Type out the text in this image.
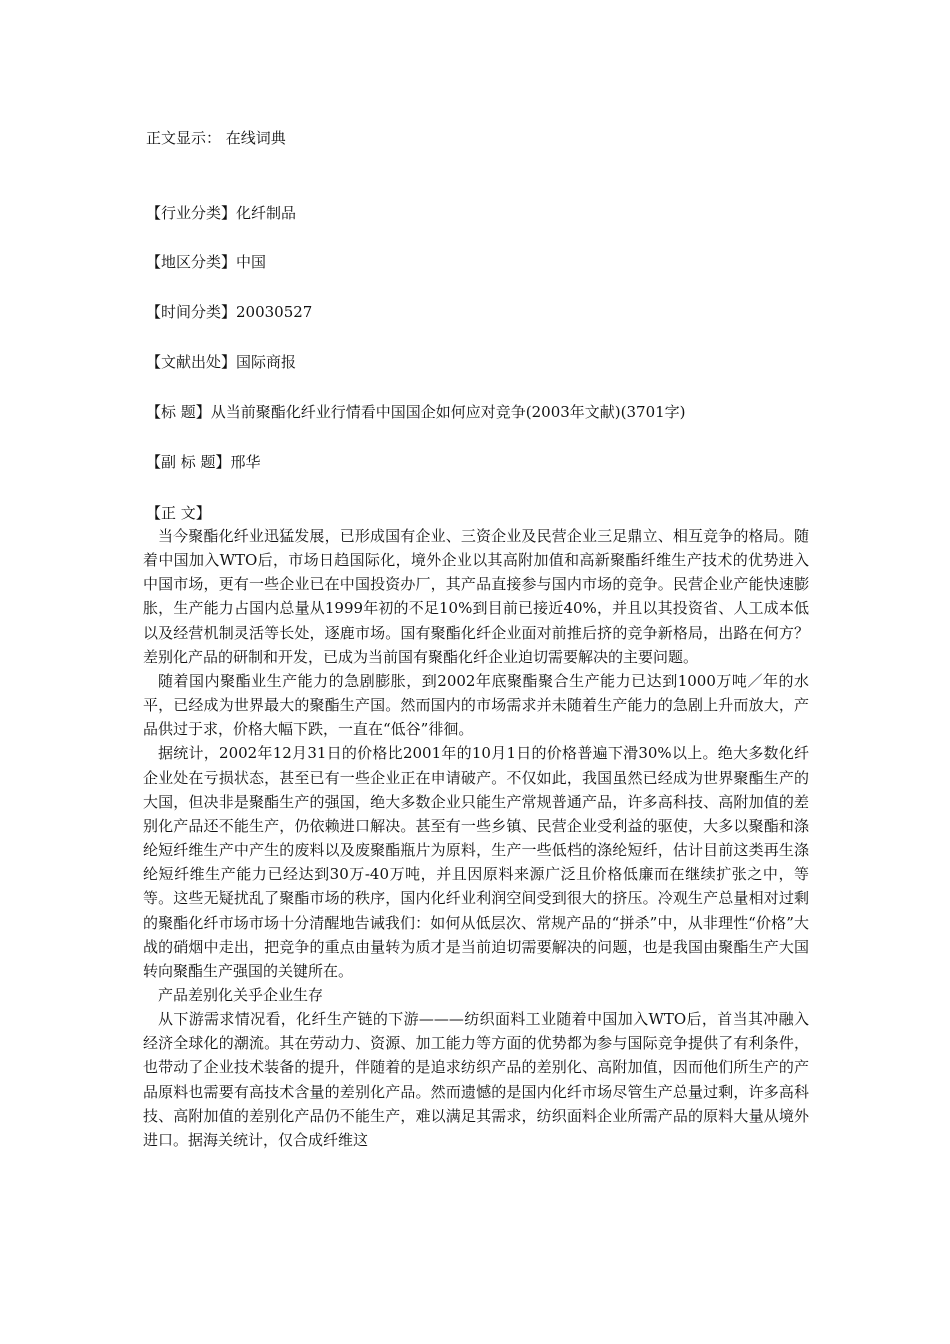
正文显示： 在线词典
【行业分类】化纤制品
【地区分类】中国
【时间分类】20030527
【文献出处】国际商报
【标 题】从当前聚酯化纤业行情看中国国企如何应对竞争(2003年文献)(3701字)
【副 标 题】邢华
【正 文】

当今聚酯化纤业迅猛发展，已形成国有企业、三资企业及民营企业三足鼎立、相互竞争的格局。随着中国加入WTO后，市场日趋国际化，境外企业以其高附加值和高新聚酯纤维生产技术的优势进入中国市场，更有一些企业已在中国投资办厂，其产品直接参与国内市场的竞争。民营企业产能快速膨胀，生产能力占国内总量从1999年初的不足10%到目前已接近40%，并且以其投资省、人工成本低以及经营机制灵活等长处，逐鹿市场。国有聚酯化纤企业面对前推后挤的竞争新格局，出路在何方？差别化产品的研制和开发，已成为当前国有聚酯化纤企业迫切需要解决的主要问题。

随着国内聚酯业生产能力的急剧膨胀，到2002年底聚酯聚合生产能力已达到1000万吨／年的水平，已经成为世界最大的聚酯生产国。然而国内的市场需求并未随着生产能力的急剧上升而放大，产品供过于求，价格大幅下跌，一直在“低谷”徘徊。

据统计，2002年12月31日的价格比2001年的10月1日的价格普遍下滑30%以上。绝大多数化纤企业处在亏损状态，甚至已有一些企业正在申请破产。不仅如此，我国虽然已经成为世界聚酯生产的大国，但决非是聚酯生产的强国，绝大多数企业只能生产常规普通产品，许多高科技、高附加值的差别化产品还不能生产，仍依赖进口解决。甚至有一些乡镇、民营企业受利益的驱使，大多以聚酯和涤纶短纤维生产中产生的废料以及废聚酯瓶片为原料，生产一些低档的涤纶短纤，估计目前这类再生涤纶短纤维生产能力已经达到30万-40万吨，并且因原料来源广泛且价格低廉而在继续扩张之中，等等。这些无疑扰乱了聚酯市场的秩序，国内化纤业利润空间受到很大的挤压。冷观生产总量相对过剩的聚酯化纤市场市场十分清醒地告诫我们：如何从低层次、常规产品的“拼杀”中，从非理性“价格”大战的硝烟中走出，把竞争的重点由量转为质才是当前迫切需要解决的问题，也是我国由聚酯生产大国转向聚酯生产强国的关键所在。

产品差别化关乎企业生存

从下游需求情况看，化纤生产链的下游———纺织面料工业随着中国加入WTO后，首当其冲融入经济全球化的潮流。其在劳动力、资源、加工能力等方面的优势都为参与国际竞争提供了有利条件，也带动了企业技术装备的提升，伴随着的是追求纺织产品的差别化、高附加值，因而他们所生产的产品原料也需要有高技术含量的差别化产品。然而遗憾的是国内化纤市场尽管生产总量过剩，许多高科技、高附加值的差别化产品仍不能生产，难以满足其需求，纺织面料企业所需产品的原料大量从境外进口。据海关统计，仅合成纤维这
